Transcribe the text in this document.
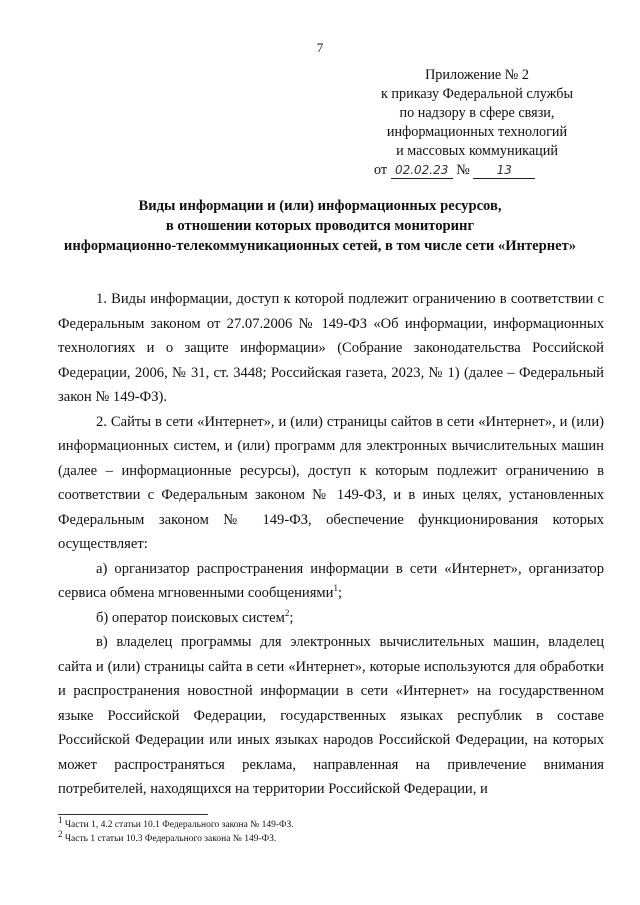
7
Приложение № 2
к приказу Федеральной службы
по надзору в сфере связи,
информационных технологий
и массовых коммуникаций
от 02.02.23 № 13
Виды информации и (или) информационных ресурсов,
в отношении которых проводится мониторинг
информационно-телекоммуникационных сетей, в том числе сети «Интернет»

1. Виды информации, доступ к которой подлежит ограничению в соответствии с Федеральным законом от 27.07.2006 № 149-ФЗ «Об информации, информационных технологиях и о защите информации» (Собрание законодательства Российской Федерации, 2006, № 31, ст. 3448; Российская газета, 2023, № 1) (далее – Федеральный закон № 149-ФЗ).

2. Сайты в сети «Интернет», и (или) страницы сайтов в сети «Интернет», и (или) информационных систем, и (или) программ для электронных вычислительных машин (далее – информационные ресурсы), доступ к которым подлежит ограничению в соответствии с Федеральным законом № 149-ФЗ, и в иных целях, установленных Федеральным законом № 149-ФЗ, обеспечение функционирования которых осуществляет:

а) организатор распространения информации в сети «Интернет», организатор сервиса обмена мгновенными сообщениями$^1$;

б) оператор поисковых систем$^2$;

в) владелец программы для электронных вычислительных машин, владелец сайта и (или) страницы сайта в сети «Интернет», которые используются для обработки и распространения новостной информации в сети «Интернет» на государственном языке Российской Федерации, государственных языках республик в составе Российской Федерации или иных языках народов Российской Федерации, на которых может распространяться реклама, направленная на привлечение внимания потребителей, находящихся на территории Российской Федерации, и

$^1$ Части 1, 4.2 статьи 10.1 Федерального закона № 149-ФЗ.
$^2$ Часть 1 статьи 10.3 Федерального закона № 149-ФЗ.
